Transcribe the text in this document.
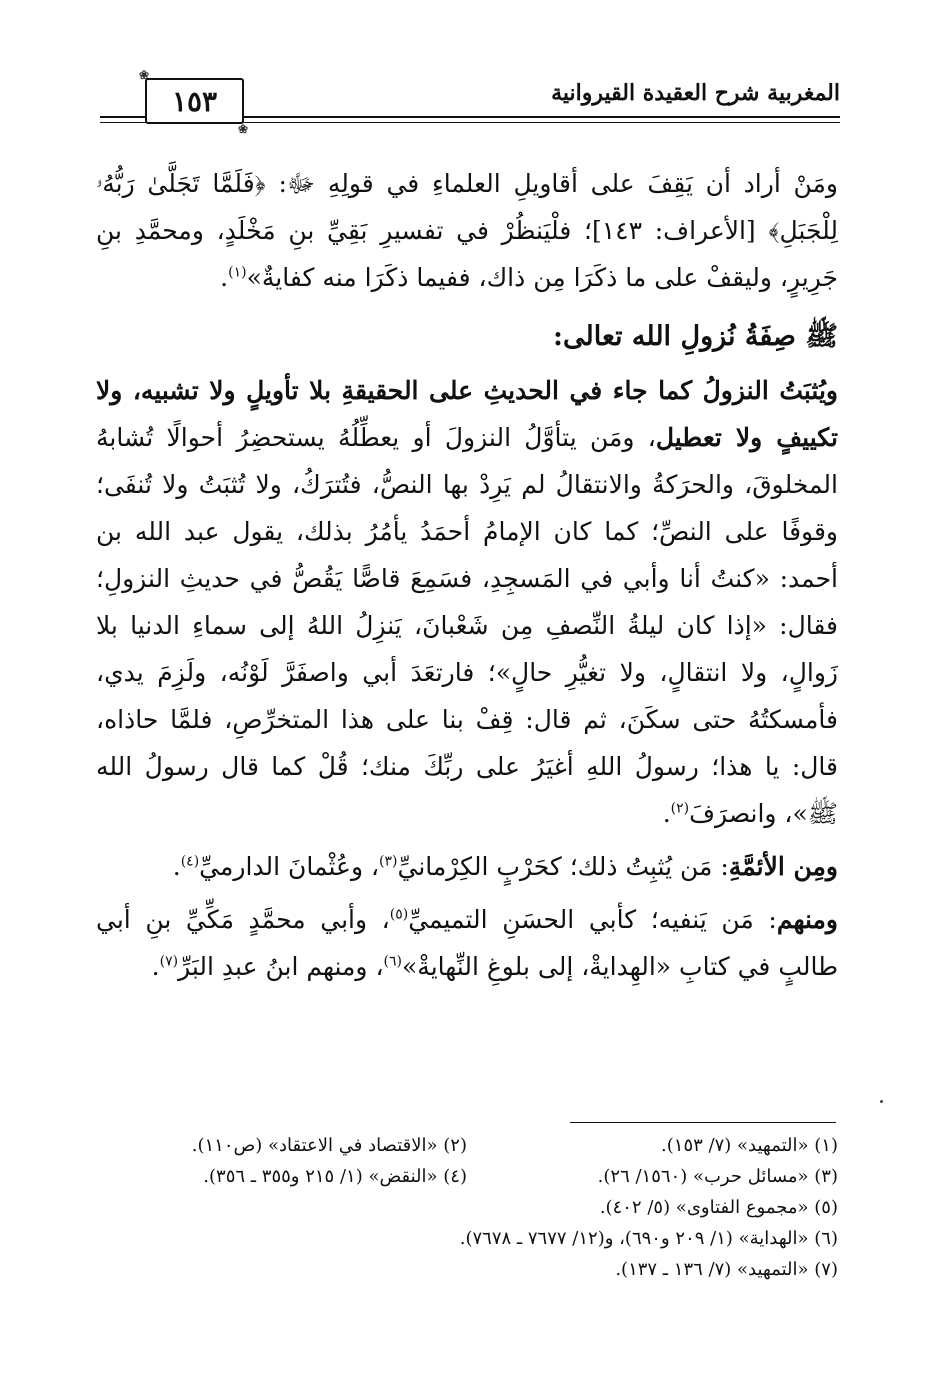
المغربية شرح العقيدة القيروانية
❀
١٥٣
❀

ومَنْ أراد أن يَقِفَ على أقاويلِ العلماءِ في قولِهِ ﷻ: ﴿فَلَمَّا تَجَلَّىٰ رَبُّهُۥ لِلْجَبَلِ﴾ [الأعراف: ١٤٣]؛ فلْيَنظُرْ في تفسيرِ بَقِيِّ بنِ مَخْلَدٍ، ومحمَّدِ بنِ جَرِيرٍ، وليقفْ على ما ذكَرَا مِن ذاك، ففيما ذكَرَا منه كفايةٌ»$^{(١)}$.

ﷺ صِفَةُ نُزولِ الله تعالى:

ويُثبَتُ النزولُ كما جاء في الحديثِ على الحقيقةِ بلا تأويلٍ ولا تشبيه، ولا تكييفٍ ولا تعطيل، ومَن يتأوَّلُ النزولَ أو يعطِّلُهُ يستحضِرُ أحوالًا تُشابهُ المخلوقَ، والحرَكةُ والانتقالُ لم يَرِدْ بها النصُّ، فتُترَكُ، ولا تُثبَتُ ولا تُنفَى؛ وقوفًا على النصِّ؛ كما كان الإمامُ أحمَدُ يأمُرُ بذلك، يقول عبد الله بن أحمد: «كنتُ أنا وأبي في المَسجِدِ، فسَمِعَ قاصًّا يَقُصُّ في حديثِ النزولِ؛ فقال: «إذا كان ليلةُ النِّصفِ مِن شَعْبانَ، يَنزِلُ اللهُ إلى سماءِ الدنيا بلا زَوالٍ، ولا انتقالٍ، ولا تغيُّرِ حالٍ»؛ فارتعَدَ أبي واصفَرَّ لَوْنُه، ولَزِمَ يدي، فأمسكتُهُ حتى سكَنَ، ثم قال: قِفْ بنا على هذا المتخرِّصِ، فلمَّا حاذاه، قال: يا هذا؛ رسولُ اللهِ أغيَرُ على ربِّكَ منك؛ قُلْ كما قال رسولُ الله ﷺ»، وانصرَفَ$^{(٢)}$.

ومِن الأئمَّةِ: مَن يُثبِتُ ذلك؛ كحَرْبٍ الكِرْمانيِّ$^{(٣)}$، وعُثْمانَ الدارميِّ$^{(٤)}$.

ومنهم: مَن يَنفيه؛ كأبي الحسَنِ التميميِّ$^{(٥)}$، وأبي محمَّدٍ مَكِّيِّ بنِ أبي طالبٍ في كتابِ «الهِدايةْ، إلى بلوغِ النِّهايةْ»$^{(٦)}$، ومنهم ابنُ عبدِ البَرِّ$^{(٧)}$.

(١) «التمهيد» (٧/ ١٥٣).
(٢) «الاقتصاد في الاعتقاد» (ص١١٠).
(٣) «مسائل حرب» (١٥٦٠/ ٢٦).
(٤) «النقض» (١/ ٢١٥ و٣٥٥ ـ ٣٥٦).
(٥) «مجموع الفتاوى» (٥/ ٤٠٢).
(٦) «الهداية» (١/ ٢٠٩ و٦٩٠)، و(١٢/ ٧٦٧٧ ـ ٧٦٧٨).
(٧) «التمهيد» (٧/ ١٣٦ ـ ١٣٧).
